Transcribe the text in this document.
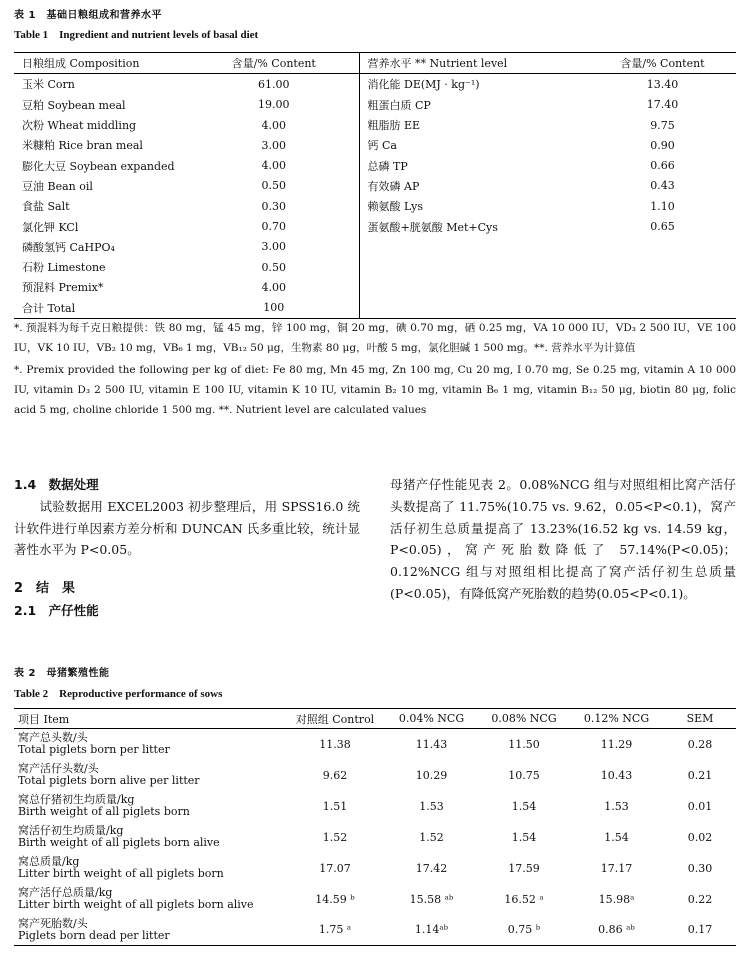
表 1　基础日粮组成和营养水平
Table 1　Ingredient and nutrient levels of basal diet
日粮组成 Composition	含量/% Content	营养水平 ** Nutrient level	含量/% Content
玉米 Corn	61.00	消化能 DE(MJ · kg⁻¹)	13.40
豆粕 Soybean meal	19.00	粗蛋白质 CP	17.40
次粉 Wheat middling	4.00	粗脂肪 EE	9.75
米糠粕 Rice bran meal	3.00	钙 Ca	0.90
膨化大豆 Soybean expanded	4.00	总磷 TP	0.66
豆油 Bean oil	0.50	有效磷 AP	0.43
食盐 Salt	0.30	赖氨酸 Lys	1.10
氯化钾 KCl	0.70	蛋氨酸+胱氨酸 Met+Cys	0.65
磷酸氢钙 CaHPO₄	3.00		
石粉 Limestone	0.50		
预混料 Premix*	4.00		
合计 Total	100		
*. 预混料为每千克日粮提供：铁 80 mg，锰 45 mg，锌 100 mg，铜 20 mg，碘 0.70 mg，硒 0.25 mg，VA 10 000 IU，VD₃ 2 500 IU，VE 100 IU，VK 10 IU，VB₂ 10 mg，VB₆ 1 mg，VB₁₂ 50 μg，生物素 80 μg，叶酸 5 mg，氯化胆碱 1 500 mg。**. 营养水平为计算值
*. Premix provided the following per kg of diet: Fe 80 mg, Mn 45 mg, Zn 100 mg, Cu 20 mg, I 0.70 mg, Se 0.25 mg, vitamin A 10 000 IU, vitamin D₃ 2 500 IU, vitamin E 100 IU, vitamin K 10 IU, vitamin B₂ 10 mg, vitamin B₆ 1 mg, vitamin B₁₂ 50 μg, biotin 80 μg, folic acid 5 mg, choline chloride 1 500 mg. **. Nutrient level are calculated values
1.4　数据处理
　　试验数据用 EXCEL2003 初步整理后，用 SPSS16.0 统计软件进行单因素方差分析和 DUNCAN 氏多重比较，统计显著性水平为 P<0.05。
2　结　果
2.1　产仔性能
母猪产仔性能见表 2。0.08%NCG 组与对照组相比窝产活仔头数提高了 11.75%(10.75 vs. 9.62，0.05<P<0.1)，窝产活仔初生总质量提高了 13.23%(16.52 kg vs. 14.59 kg，P<0.05)，窝产死胎数降低了 57.14%(P<0.05)；0.12%NCG 组与对照组相比提高了窝产活仔初生总质量(P<0.05)，有降低窝产死胎数的趋势(0.05<P<0.1)。
表 2　母猪繁殖性能
Table 2　Reproductive performance of sows
项目 Item	对照组 Control	0.04% NCG	0.08% NCG	0.12% NCG	SEM

窝产总头数/头
Total piglets born per litter	11.38	11.43	11.50	11.29	0.28

窝产活仔头数/头
Total piglets born alive per litter	9.62	10.29	10.75	10.43	0.21

窝总仔猪初生均质量/kg
Birth weight of all piglets born	1.51	1.53	1.54	1.53	0.01

窝活仔初生均质量/kg
Birth weight of all piglets born alive	1.52	1.52	1.54	1.54	0.02

窝总质量/kg
Litter birth weight of all piglets born	17.07	17.42	17.59	17.17	0.30

窝产活仔总质量/kg
Litter birth weight of all piglets born alive	14.59 ᵇ	15.58 ᵃᵇ	16.52 ᵃ	15.98ᵃ	0.22

窝产死胎数/头
Piglets born dead per litter	1.75 ᵃ	1.14ᵃᵇ	0.75 ᵇ	0.86 ᵃᵇ	0.17
